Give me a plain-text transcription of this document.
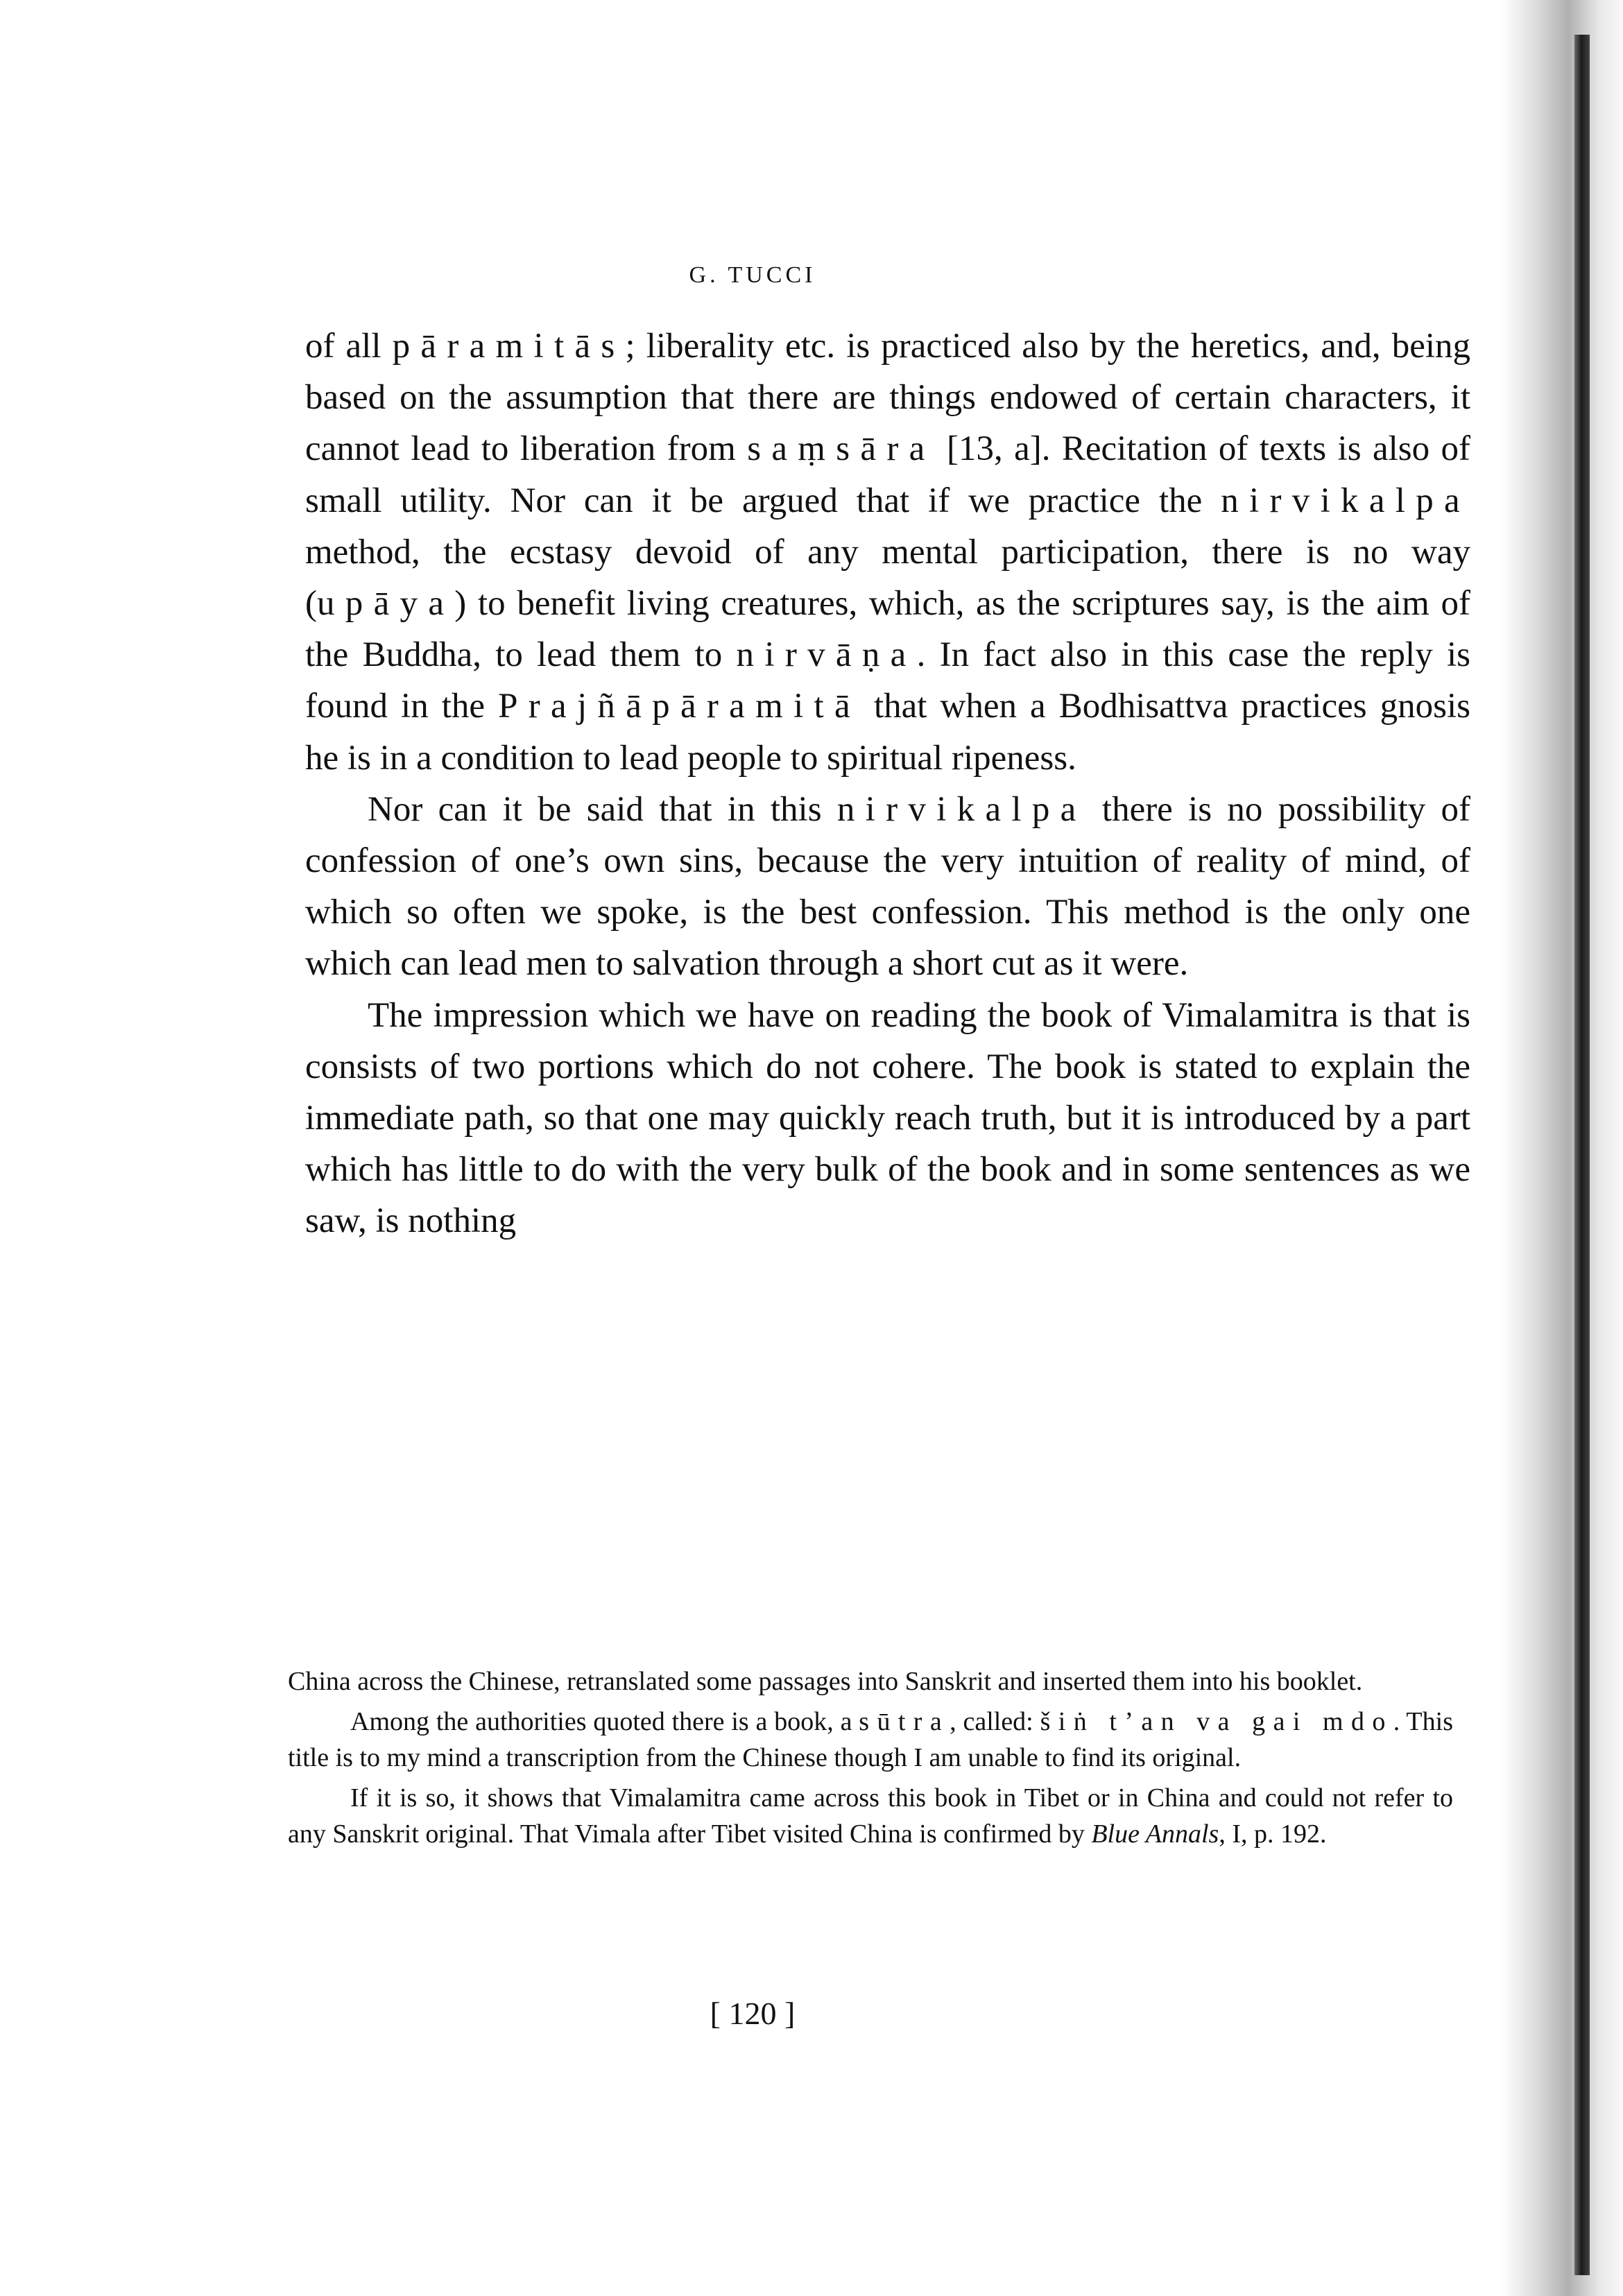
G. TUCCI

of all pāramitās; liberality etc. is practiced also by the heretics, and, being based on the assumption that there are things endowed of certain characters, it cannot lead to liberation from saṃsāra [13, a]. Recitation of texts is also of small utility. Nor can it be argued that if we practice the nirvikalpa method, the ecstasy devoid of any mental participation, there is no way (upāya) to benefit living creatures, which, as the scriptures say, is the aim of the Buddha, to lead them to nirvāṇa. In fact also in this case the reply is found in the Prajñāpāramitā that when a Bodhisattva practices gnosis he is in a condition to lead people to spiritual ripeness.

Nor can it be said that in this nirvikalpa there is no possibility of confession of one’s own sins, because the very intuition of reality of mind, of which so often we spoke, is the best confession. This method is the only one which can lead men to salvation through a short cut as it were.

The impression which we have on reading the book of Vimalamitra is that is consists of two portions which do not cohere. The book is stated to explain the immediate path, so that one may quickly reach truth, but it is introduced by a part which has little to do with the very bulk of the book and in some sentences as we saw, is nothing

China across the Chinese, retranslated some passages into Sanskrit and inserted them into his booklet.

Among the authorities quoted there is a book, a sūtra, called: šiṅ t’an va gai mdo. This title is to my mind a transcription from the Chinese though I am unable to find its original.

If it is so, it shows that Vimalamitra came across this book in Tibet or in China and could not refer to any Sanskrit original. That Vimala after Tibet visited China is confirmed by Blue Annals, I, p. 192.

[ 120 ]
